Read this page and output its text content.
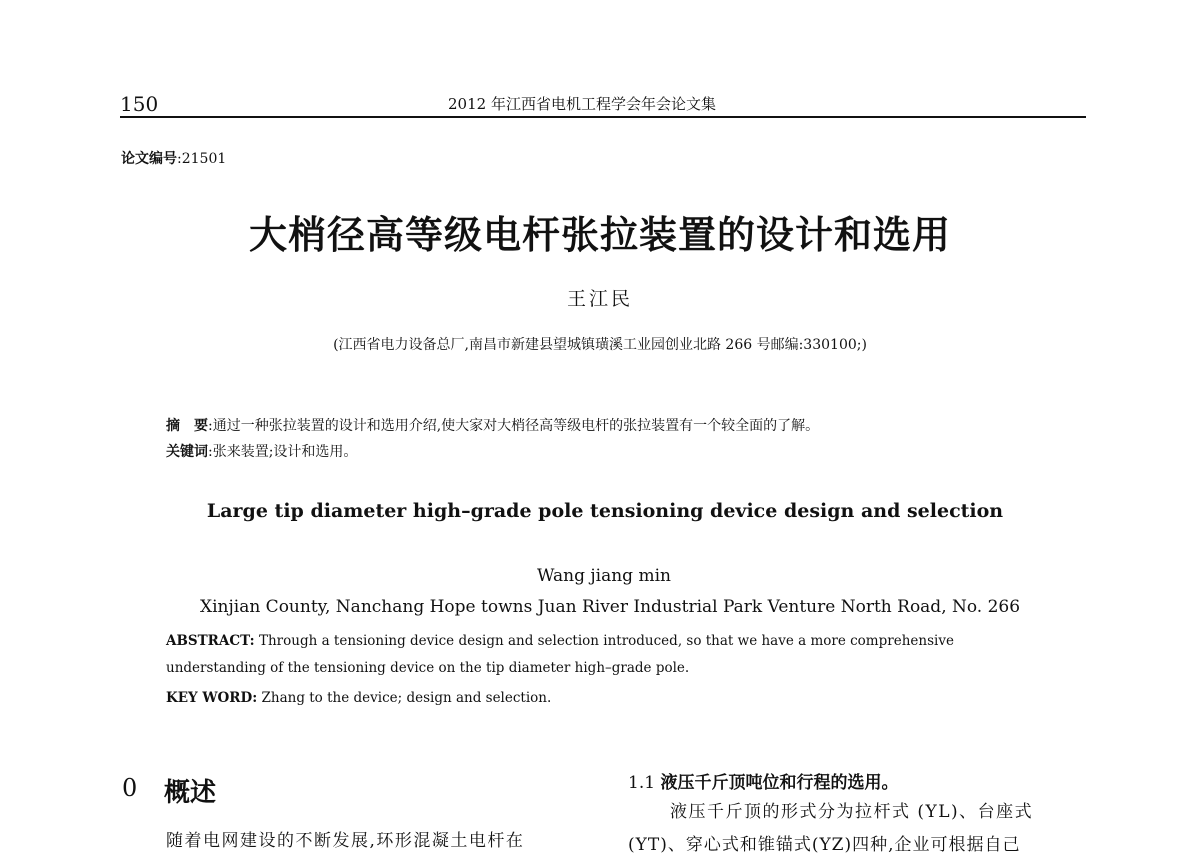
150	2012 年江西省电机工程学会年会论文集
论文编号:21501
大梢径高等级电杆张拉装置的设计和选用
王江民
(江西省电力设备总厂,南昌市新建县望城镇璜溪工业园创业北路 266 号邮编:330100;)
摘　要:通过一种张拉装置的设计和选用介绍,使大家对大梢径高等级电杆的张拉装置有一个较全面的了解。
关键词:张来装置;设计和选用。
Large tip diameter high–grade pole tensioning device design and selection
Wang jiang min
Xinjian County, Nanchang Hope towns Juan River Industrial Park Venture North Road, No. 266
ABSTRACT: Through a tensioning device design and selection introduced, so that we have a more comprehensive understanding of the tensioning device on the tip diameter high–grade pole.
KEY WORD: Zhang to the device; design and selection.
0 概述
随着电网建设的不断发展,环形混凝土电杆在
1.1 液压千斤顶吨位和行程的选用。
液压千斤顶的形式分为拉杆式 (YL)、台座式
(YT)、穿心式和锥锚式(YZ)四种,企业可根据自己
